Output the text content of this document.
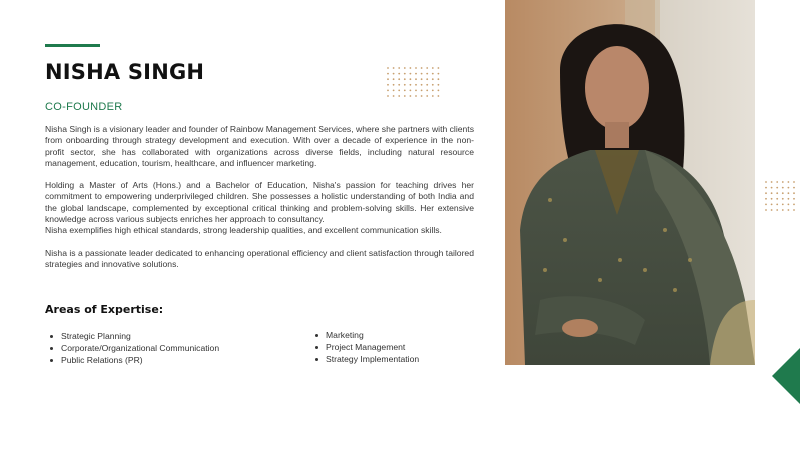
NISHA SINGH
CO-FOUNDER

Nisha Singh is a visionary leader and founder of Rainbow Management Services, where she partners with clients from onboarding through strategy development and execution. With over a decade of experience in the non-profit sector, she has collaborated with organizations across diverse fields, including natural resource management, education, tourism, healthcare, and influencer marketing.

Holding a Master of Arts (Hons.) and a Bachelor of Education, Nisha's passion for teaching drives her commitment to empowering underprivileged children. She possesses a holistic understanding of both India and the global landscape, complemented by exceptional critical thinking and problem-solving skills. Her extensive knowledge across various subjects enriches her approach to consultancy.

Nisha exemplifies high ethical standards, strong leadership qualities, and excellent communication skills.

Nisha is a passionate leader dedicated to enhancing operational efficiency and client satisfaction through tailored strategies and innovative solutions.

Areas of Expertise:
Strategic Planning
Corporate/Organizational Communication
Public Relations (PR)
Marketing
Project Management
Strategy Implementation
